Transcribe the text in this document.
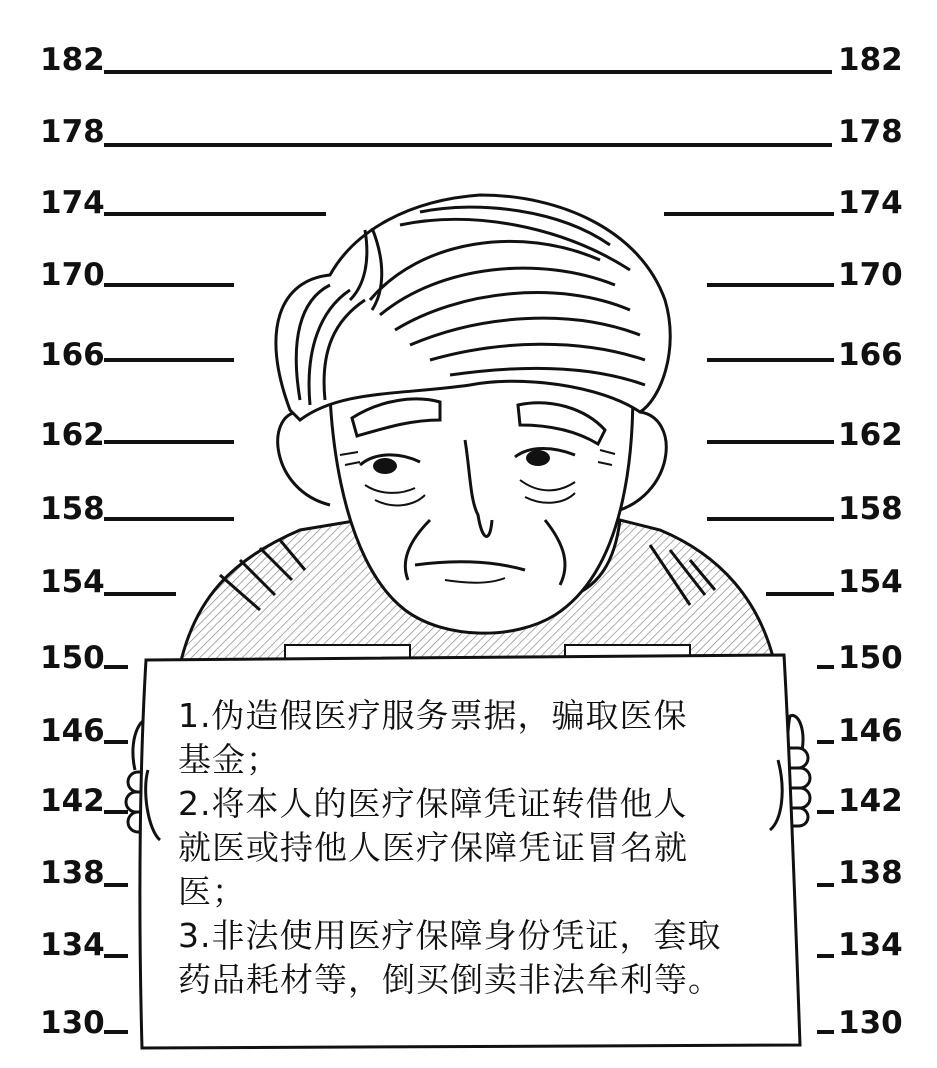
182	182
178	178
174	174
170	170
166	166
162	162
158	158
154	154
150	150
146	146
142	142
138	138
134	134
130	130
1.伪造假医疗服务票据，骗取医保
基金；
2.将本人的医疗保障凭证转借他人
就医或持他人医疗保障凭证冒名就
医；
3.非法使用医疗保障身份凭证，套取
药品耗材等，倒买倒卖非法牟利等。
